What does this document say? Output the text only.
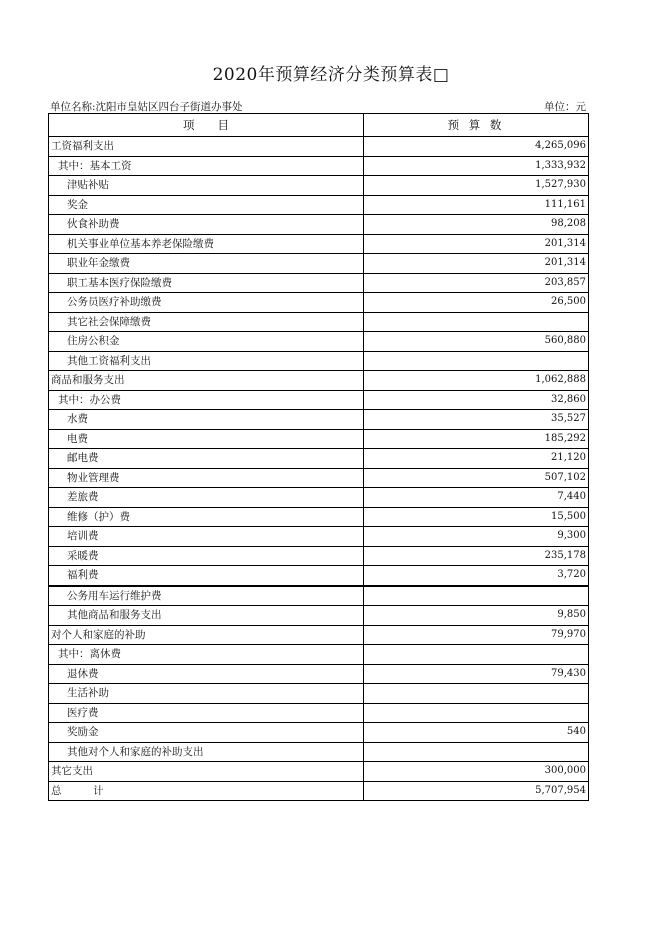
2020年预算经济分类预算表□
单位名称:沈阳市皇姑区四台子街道办事处	单位：元
项　　目	预 算 数
工资福利支出	4,265,096
其中：基本工资	1,333,932
津贴补贴	1,527,930
奖金	111,161
伙食补助费	98,208
机关事业单位基本养老保险缴费	201,314
职业年金缴费	201,314
职工基本医疗保险缴费	203,857
公务员医疗补助缴费	26,500
其它社会保障缴费	
住房公积金	560,880
其他工资福利支出	
商品和服务支出	1,062,888
其中：办公费	32,860
水费	35,527
电费	185,292
邮电费	21,120
物业管理费	507,102
差旅费	7,440
维修（护）费	15,500
培训费	9,300
采暖费	235,178
福利费	3,720
公务用车运行维护费	
其他商品和服务支出	9,850
对个人和家庭的补助	79,970
其中：离休费	
退休费	79,430
生活补助	
医疗费	
奖励金	540
其他对个人和家庭的补助支出	
其它支出	300,000
总　　　计	5,707,954
